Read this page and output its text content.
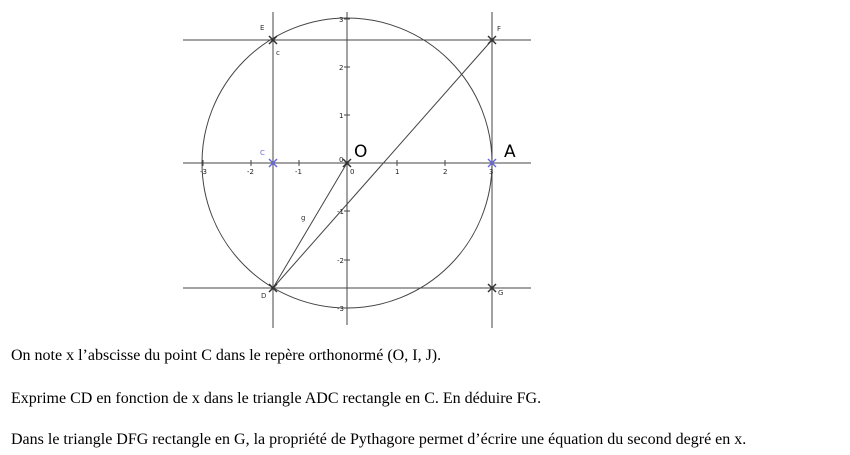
-3	-2	-1	0	1	2	3
3
2
1
0
-1
-2
-3
E
c
F
C	O	A
g
D	G

On note x l’abscisse du point C dans le repère orthonormé (O, I, J).

Exprime CD en fonction de x dans le triangle ADC rectangle en C. En déduire FG.

Dans le triangle DFG rectangle en G, la propriété de Pythagore permet d’écrire une équation du second degré en x.
